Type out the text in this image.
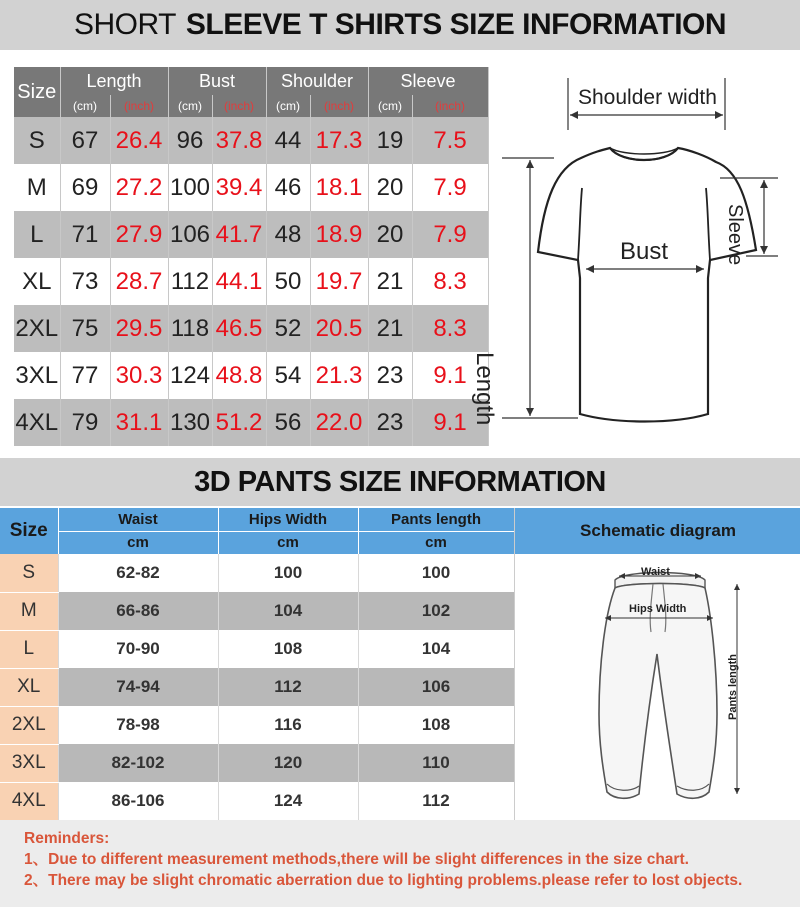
SHORT SLEEVE T SHIRTS SIZE INFORMATION
Size	Length		Bust		Shoulder		Sleeve	
	(cm)	(inch)	(cm)	(inch)	(cm)	(inch)	(cm)	(inch)
S	67	26.4	96	37.8	44	17.3	19	7.5
M	69	27.2	100	39.4	46	18.1	20	7.9
L	71	27.9	106	41.7	48	18.9	20	7.9
XL	73	28.7	112	44.1	50	19.7	21	8.3
2XL	75	29.5	118	46.5	52	20.5	21	8.3
3XL	77	30.3	124	48.8	54	21.3	23	9.1
4XL	79	31.1	130	51.2	56	22.0	23	9.1
Shoulder width
Bust	Sleeve
Length
3D PANTS SIZE INFORMATION
Size	Waist	Hips Width	Pants length
	cm	cm	cm
S	62-82	100	100
M	66-86	104	102
L	70-90	108	104
XL	74-94	112	106
2XL	78-98	116	108
3XL	82-102	120	110
4XL	86-106	124	112
Schematic diagram
Waist
Hips Width
Pants length

Reminders:

1、Due to different measurement methods,there will be slight differences in the size chart.

2、There may be slight chromatic aberration due to lighting problems.please refer to lost objects.
